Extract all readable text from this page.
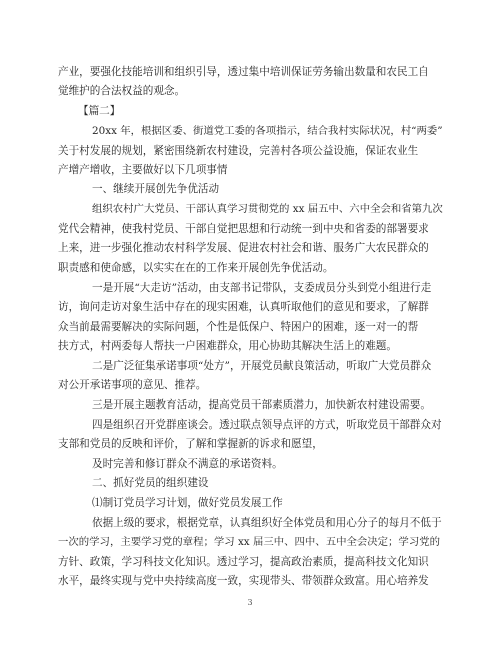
产业，要强化技能培训和组织引导，透过集中培训保证劳务输出数量和农民工自
觉维护的合法权益的观念。
【篇二】
20xx 年，根据区委、街道党工委的各项指示，结合我村实际状况，村“两委”
关于村发展的规划，紧密围绕新农村建设，完善村各项公益设施，保证农业生
产增产增收，主要做好以下几项事情
一、继续开展创先争优活动
组织农村广大党员、干部认真学习贯彻党的 xx 届五中、六中全会和省第九次
党代会精神，使我村党员、干部自觉把思想和行动统一到中央和省委的部署要求
上来，进一步强化推动农村科学发展、促进农村社会和谐、服务广大农民群众的
职责感和使命感，以实实在在的工作来开展创先争优活动。
一是开展“大走访”活动，由支部书记带队，支委成员分头到党小组进行走
访，询问走访对象生活中存在的现实困难，认真听取他们的意见和要求，了解群
众当前最需要解决的实际问题，个性是低保户、特困户的困难，逐一对一的帮
扶方式，村两委每人帮扶一户困难群众，用心协助其解决生活上的难题。
二是广泛征集承诺事项“处方”，开展党员献良策活动，听取广大党员群众
对公开承诺事项的意见、推荐。
三是开展主题教育活动，提高党员干部素质潜力，加快新农村建设需要。
四是组织召开党群座谈会。透过联点领导点评的方式，听取党员干部群众对
支部和党员的反映和评价，了解和掌握新的诉求和愿望，
及时完善和修订群众不满意的承诺资料。
二、抓好党员的组织建设
⑴制订党员学习计划，做好党员发展工作
依据上级的要求，根据党章，认真组织好全体党员和用心分子的每月不低于
一次的学习，主要学习党的章程；学习 xx 届三中、四中、五中全会决定；学习党的
方针、政策，学习科技文化知识。透过学习，提高政治素质，提高科技文化知识
水平，最终实现与党中央持续高度一致，实现带头、带领群众致富。用心培养发
3
